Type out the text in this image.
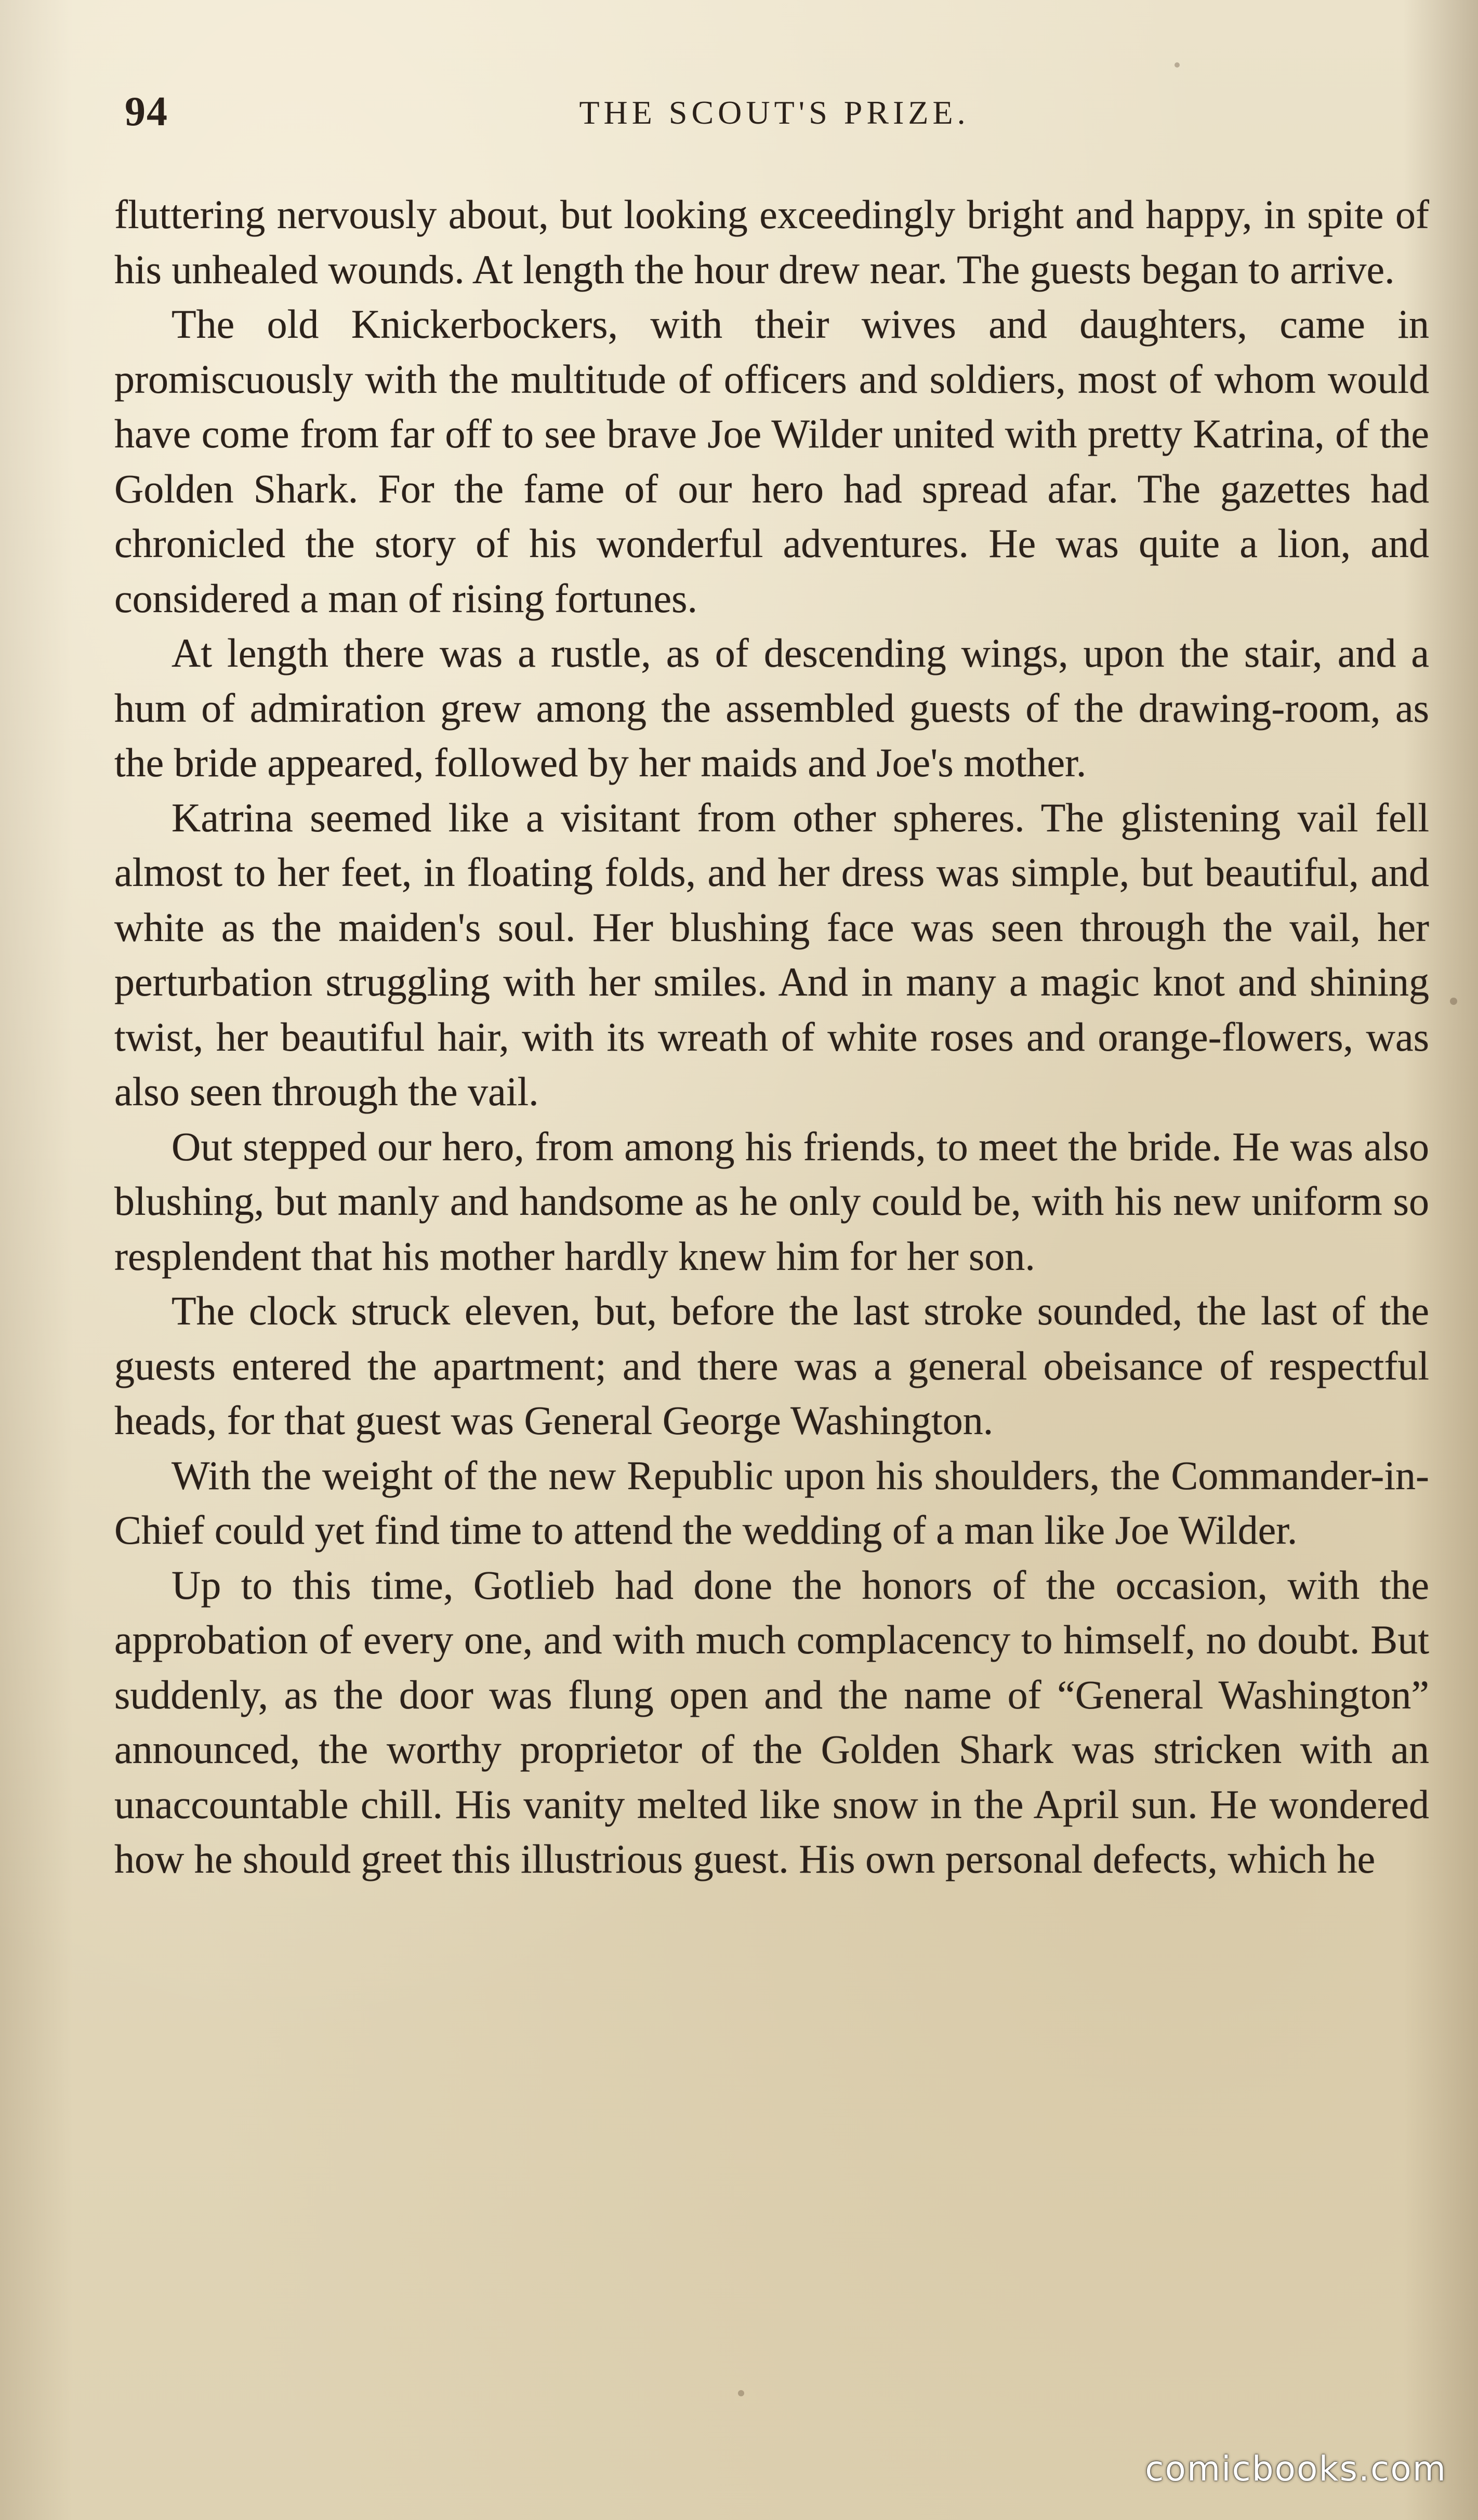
94	THE SCOUT'S PRIZE.

fluttering nervously about, but looking exceedingly bright and happy, in spite of his unhealed wounds. At length the hour drew near. The guests began to arrive.

The old Knickerbockers, with their wives and daughters, came in promiscuously with the multitude of officers and soldiers, most of whom would have come from far off to see brave Joe Wilder united with pretty Katrina, of the Golden Shark. For the fame of our hero had spread afar. The gazettes had chronicled the story of his wonderful adventures. He was quite a lion, and considered a man of rising fortunes.

At length there was a rustle, as of descending wings, upon the stair, and a hum of admiration grew among the assembled guests of the drawing-room, as the bride appeared, followed by her maids and Joe's mother.

Katrina seemed like a visitant from other spheres. The glistening vail fell almost to her feet, in floating folds, and her dress was simple, but beautiful, and white as the maiden's soul. Her blushing face was seen through the vail, her perturbation struggling with her smiles. And in many a magic knot and shining twist, her beautiful hair, with its wreath of white roses and orange-flowers, was also seen through the vail.

Out stepped our hero, from among his friends, to meet the bride. He was also blushing, but manly and handsome as he only could be, with his new uniform so resplendent that his mother hardly knew him for her son.

The clock struck eleven, but, before the last stroke sounded, the last of the guests entered the apartment; and there was a general obeisance of respectful heads, for that guest was General George Washington.

With the weight of the new Republic upon his shoulders, the Commander-in-Chief could yet find time to attend the wedding of a man like Joe Wilder.

Up to this time, Gotlieb had done the honors of the occasion, with the approbation of every one, and with much complacency to himself, no doubt. But suddenly, as the door was flung open and the name of “General Washington” announced, the worthy proprietor of the Golden Shark was stricken with an unaccountable chill. His vanity melted like snow in the April sun. He wondered how he should greet this illustrious guest. His own personal defects, which he

comicbooks.com
